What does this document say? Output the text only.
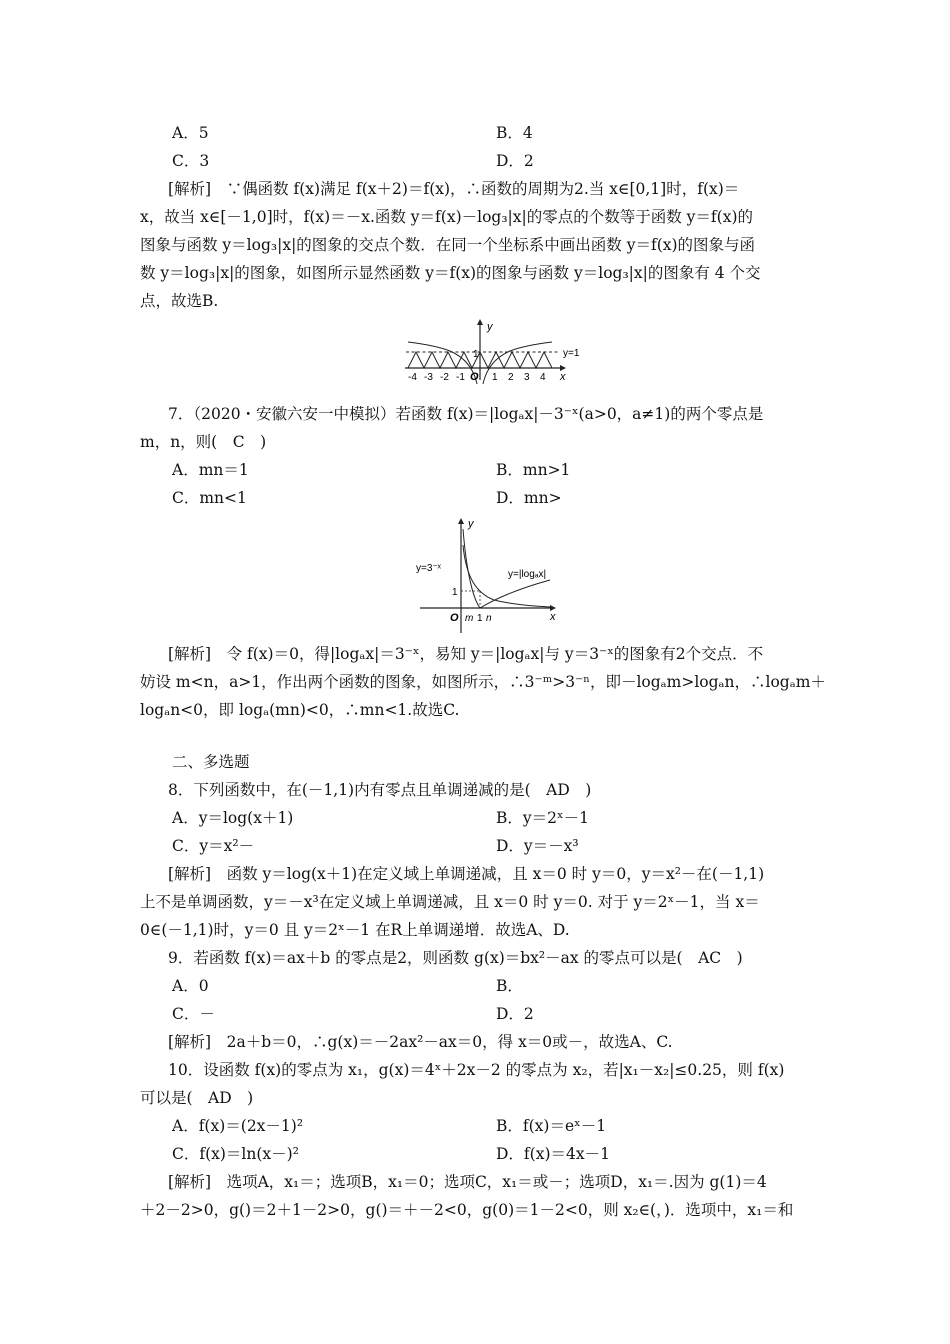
A．5	B．4
C．3	D．2
[解析]　∵偶函数 f(x)满足 f(x＋2)＝f(x)，∴函数的周期为2.当 x∈[0,1]时，f(x)＝
x，故当 x∈[－1,0]时，f(x)＝－x.函数 y＝f(x)－log₃|x|的零点的个数等于函数 y＝f(x)的
图象与函数 y＝log₃|x|的图象的交点个数．在同一个坐标系中画出函数 y＝f(x)的图象与函
数 y＝log₃|x|的图象，如图所示显然函数 y＝f(x)的图象与函数 y＝log₃|x|的图象有 4 个交
点，故选B.
y
x
y=1
1
O
-4 -3 -2 -1	1 2 3 4
7．（2020・安徽六安一中模拟）若函数 f(x)＝|logₐx|－3⁻ˣ(a>0，a≠1)的两个零点是
m，n，则(　C　)
A．mn＝1	B．mn>1
C．mn<1	D．mn>
y
x
y=3⁻ˣ
y=|logₐx|
1
O m 1 n
[解析]　令 f(x)＝0，得|logₐx|＝3⁻ˣ，易知 y＝|logₐx|与 y＝3⁻ˣ的图象有2个交点．不
妨设 m<n，a>1，作出两个函数的图象，如图所示，∴3⁻ᵐ>3⁻ⁿ，即－logₐm>logₐn，∴logₐm＋
logₐn<0，即 logₐ(mn)<0，∴mn<1.故选C.
二、多选题
8．下列函数中，在(－1,1)内有零点且单调递减的是(　AD　)
A．y＝log(x＋1)	B．y＝2ˣ－1
C．y＝x²－	D．y＝－x³
[解析]　函数 y＝log(x＋1)在定义域上单调递减，且 x＝0 时 y＝0，y＝x²－在(－1,1)
上不是单调函数，y＝－x³在定义域上单调递减，且 x＝0 时 y＝0. 对于 y＝2ˣ－1，当 x＝
0∈(－1,1)时，y＝0 且 y＝2ˣ－1 在R上单调递增．故选A、D.
9．若函数 f(x)＝ax＋b 的零点是2，则函数 g(x)＝bx²－ax 的零点可以是(　AC　)
A．0	B．
C．－	D．2
[解析]　2a＋b＝0，∴g(x)＝－2ax²－ax＝0，得 x＝0或－，故选A、C.
10．设函数 f(x)的零点为 x₁，g(x)＝4ˣ＋2x－2 的零点为 x₂，若|x₁－x₂|≤0.25，则 f(x)
可以是(　AD　)
A．f(x)＝(2x－1)²	B．f(x)＝eˣ－1
C．f(x)＝ln(x－)²	D．f(x)＝4x－1
[解析]　选项A，x₁＝；选项B，x₁＝0；选项C，x₁＝或－；选项D，x₁＝.因为 g(1)＝4
＋2－2>0，g()＝2＋1－2>0，g()＝＋－2<0，g(0)＝1－2<0，则 x₂∈(，)．选项中，x₁＝和
